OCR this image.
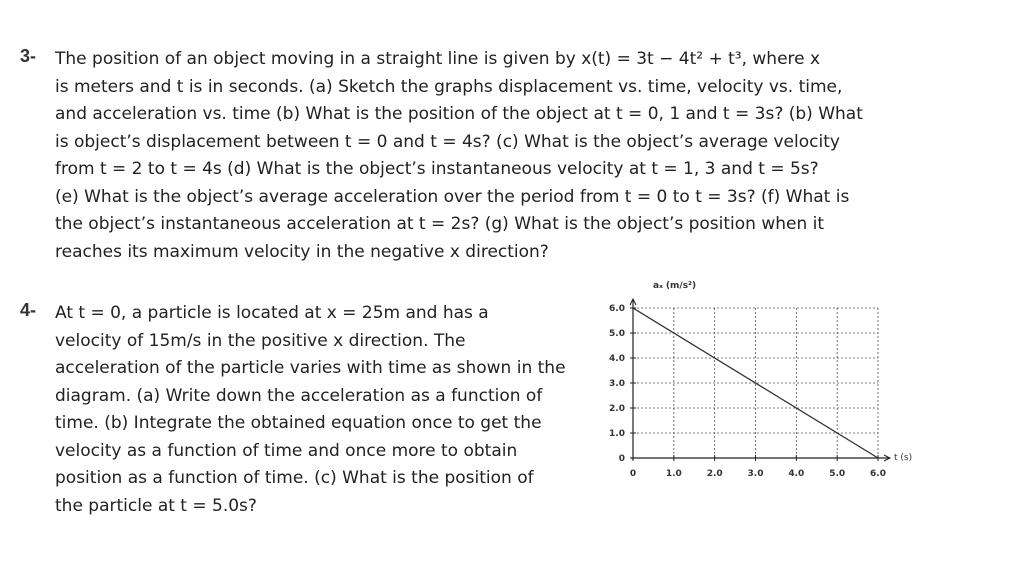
3- The position of an object moving in a straight line is given by x(t) = 3t − 4t² + t³, where x
is meters and t is in seconds. (a) Sketch the graphs displacement vs. time, velocity vs. time,
and acceleration vs. time (b) What is the position of the object at t = 0, 1 and t = 3s? (b) What
is object’s displacement between t = 0 and t = 4s? (c) What is the object’s average velocity
from t = 2 to t = 4s (d) What is the object’s instantaneous velocity at t = 1, 3 and t = 5s?
(e) What is the object’s average acceleration over the period from t = 0 to t = 3s? (f) What is
the object’s instantaneous acceleration at t = 2s? (g) What is the object’s position when it
reaches its maximum velocity in the negative x direction?
4- At t = 0, a particle is located at x = 25m and has a
velocity of 15m/s in the positive x direction. The
acceleration of the particle varies with time as shown in the
diagram. (a) Write down the acceleration as a function of
time. (b) Integrate the obtained equation once to get the
velocity as a function of time and once more to obtain
position as a function of time. (c) What is the position of
the particle at t = 5.0s?
0
1.0
2.0
3.0
4.0
5.0
6.0
0	1.0	2.0	3.0	4.0	5.0	6.0
aₓ (m/s²)
t (s)
